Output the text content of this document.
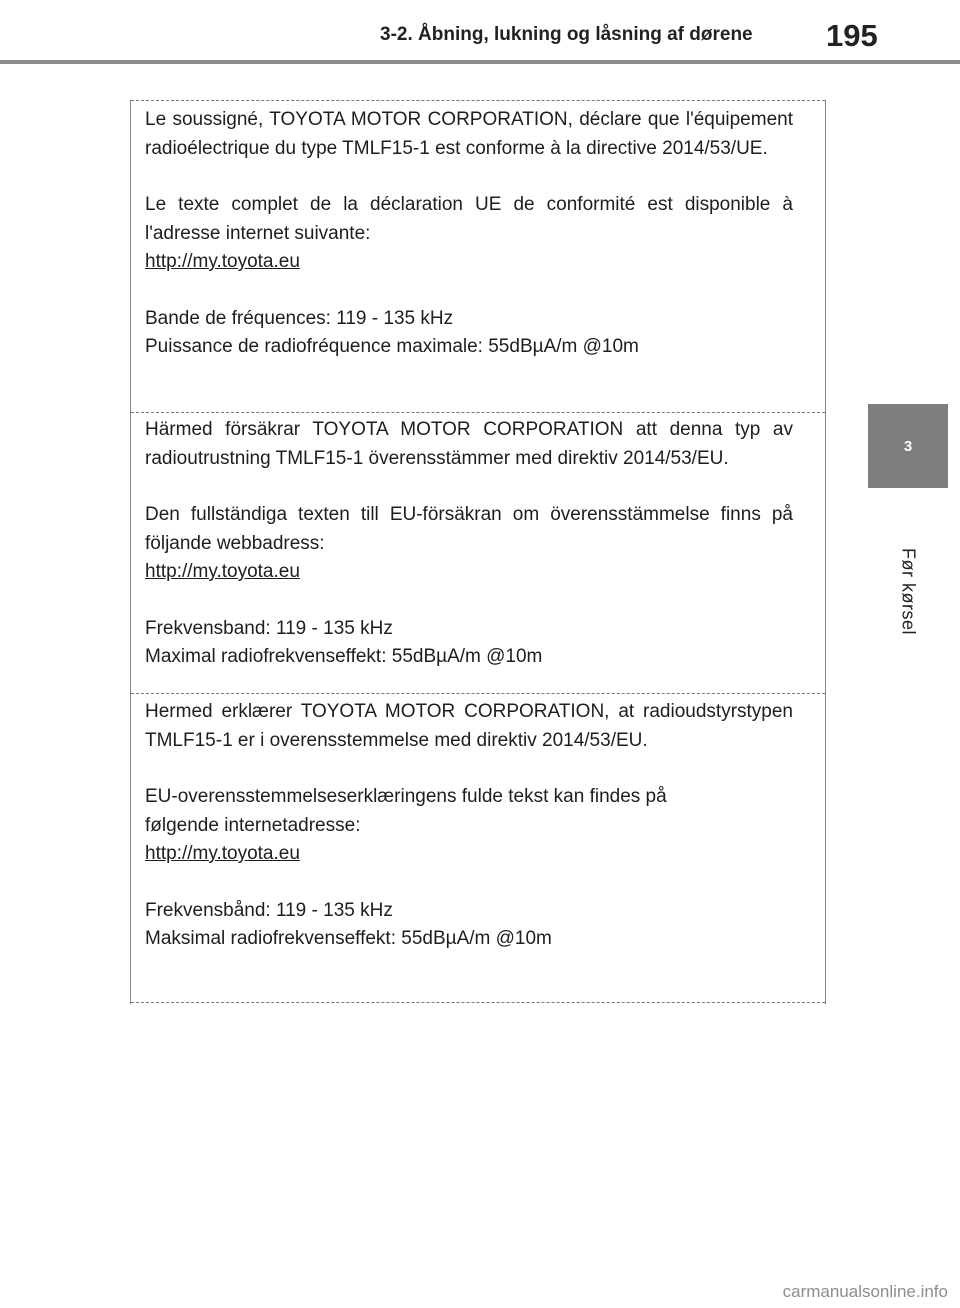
3-2. Åbning, lukning og låsning af dørene	195
3
Før kørsel

Le soussigné, TOYOTA MOTOR CORPORATION, déclare que l'équipement radioélectrique du type TMLF15-1 est conforme à la directive 2014/53/UE.

Le texte complet de la déclaration UE de conformité est disponible à l'adresse internet suivante:

http://my.toyota.eu

Bande de fréquences: 119 - 135 kHz

Puissance de radiofréquence maximale: 55dBµA/m @10m

Härmed försäkrar TOYOTA MOTOR CORPORATION att denna typ av radioutrustning TMLF15-1 överensstämmer med direktiv 2014/53/EU.

Den fullständiga texten till EU-försäkran om överensstämmelse finns på följande webbadress:

http://my.toyota.eu

Frekvensband: 119 - 135 kHz

Maximal radiofrekvenseffekt: 55dBµA/m @10m

Hermed erklærer TOYOTA MOTOR CORPORATION, at radioudstyrstypen TMLF15-1 er i overensstemmelse med direktiv 2014/53/EU.

EU-overensstemmelseserklæringens fulde tekst kan findes på

følgende internetadresse:

http://my.toyota.eu

Frekvensbånd: 119 - 135 kHz

Maksimal radiofrekvenseffekt: 55dBµA/m @10m

carmanualsonline.info
